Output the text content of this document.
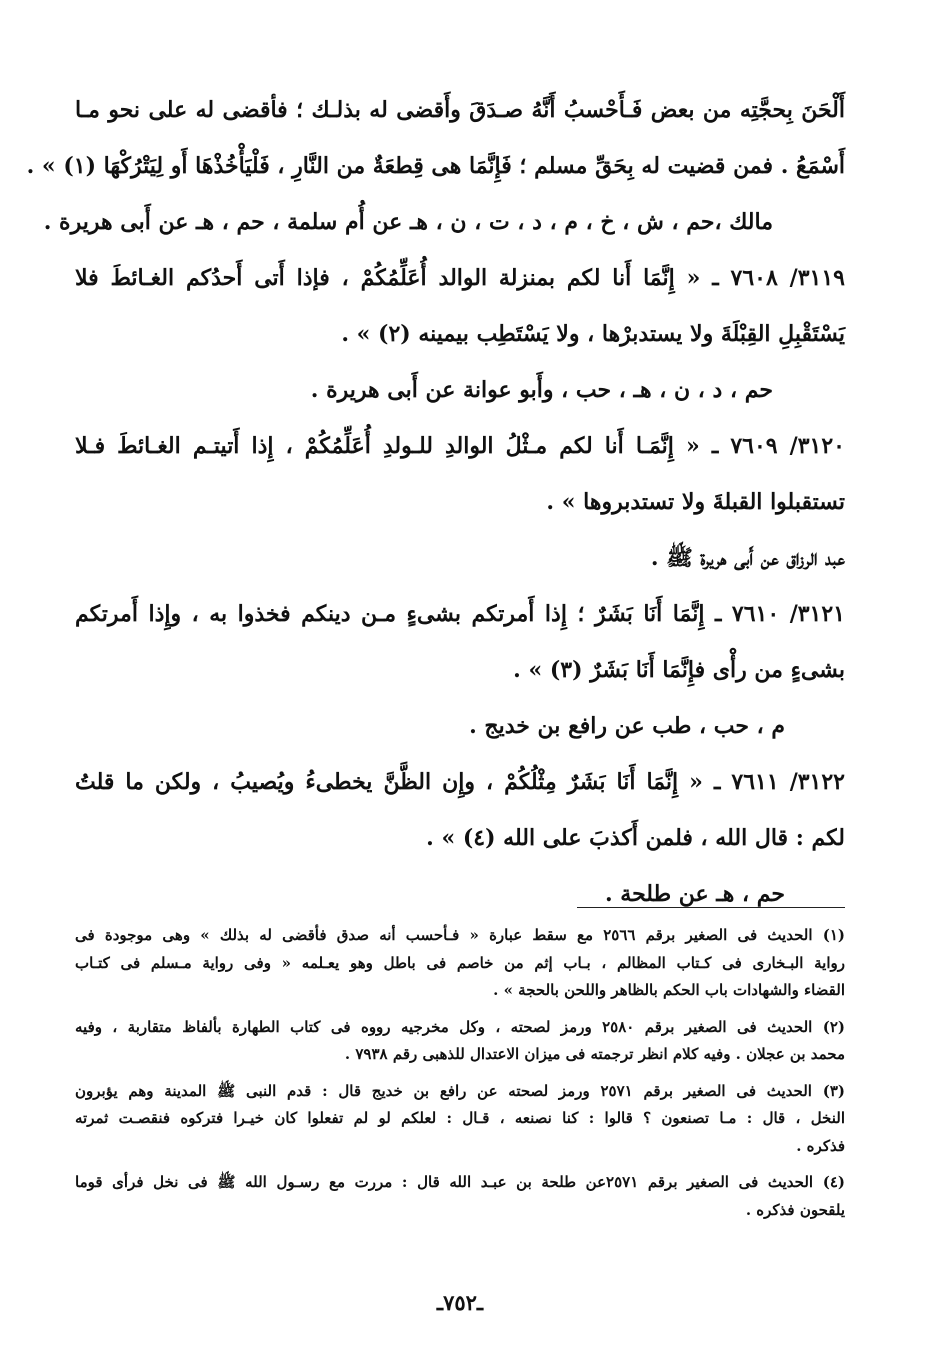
أَلْحَنَ بِحجَّتِه من بعض فَـأَحْسبُ أَنَّهُ صـدَقَ وأَقضى له بذلـك ؛ فأقضى له على نحو مـا
أَسْمَعُ . فمن قضيت له بِحَقِّ مسلم ؛ فَإِنَّمَا هى قِطعَةٌ من النَّارِ ، فَلْيَأْخُذْهَا أَو لِيَتْرُكْهَا (١) » .
مالك ،حم ، ش ، خ ، م ، د ، ت ، ن ، هـ عن أُم سلمة ، حم ، هـ عن أَبى هريرة .
٣١١٩/ ٧٦٠٨ ـ « إِنَّمَا أَنا لكم بمنزلة الوالد أُعَلِّمُكُمْ ، فإذا أَتى أَحدُكم الغـائطَ فلا
يَسْتَقْبِلِ القِبْلَةَ ولا يستدبرْها ، ولا يَسْتَطِب بيمينه (٢) » .
حم ، د ، ن ، هـ ، حب ، وأَبو عوانة عن أَبى هريرة .
٣١٢٠/ ٧٦٠٩ ـ « إِنَّمَـا أَنا لكم مـثْلُ الوالدِ للـولدِ أُعَلِّمُكُمْ ، إِذا أَتيتـم الغـائطَ فـلا
تستقبلوا القبلةَ ولا تستدبروها » .
عبد الرزاق عن أَبى هريرة ﷺ .
٣١٢١/ ٧٦١٠ ـ إِنَّمَا أَنَا بَشَرٌ ؛ إِذا أَمرتكم بشىءٍ مـن دينكم فخذوا به ، وإِذا أَمرتكم
بشىءٍ من رأْى فإِنَّمَا أَنَا بَشَرٌ (٣) » .
م ، حب ، طب عن رافع بن خديج .
٣١٢٢/ ٧٦١١ ـ « إِنَّمَا أَنَا بَشَرٌ مِثْلُكُمْ ، وإِن الظَّنَّ يخطىءُ ويُصيبُ ، ولكن ما قلتُ
لكم : قال الله ، فلمن أَكذبَ على الله (٤) » .
حم ، هـ عن طلحة .
(١) الحديث فى الصغير برقم ٢٥٦٦ مع سقط عبارة « فـأحسب أنه صدق فأقضى له بذلك » وهى موجودة فى
رواية البـخارى فى كـتاب المظالم ، بـاب إثم من خاصم فى باطل وهو يعـلمه « وفى رواية مـسلم فى كتـاب
القضاء والشهادات باب الحكم بالظاهر واللحن بالحجة » .
(٢) الحديث فى الصغير برقم ٢٥٨٠ ورمز لصحته ، وكل مخرجيه رووه فى كتاب الطهارة بألفاظ متقاربة ، وفيه
محمد بن عجلان . وفيه كلام انظر ترجمته فى ميزان الاعتدال للذهبى رقم ٧٩٣٨ .
(٣) الحديث فى الصغير برقم ٢٥٧١ ورمز لصحته عن رافع بن خديج قال : قدم النبى ﷺ المدينة وهم يؤبرون
النخل ، قال : مـا تصنعون ؟ قالوا : كنا نصنعه ، قـال : لعلكم لو لم تفعلوا كان خيـرا فتركوه فنقصـت ثمرته
فذكره .
(٤) الحديث فى الصغير برقم ٢٥٧١عن طلحة بن عبـد الله قال : مررت مع رسـول الله ﷺ فى نخل فرأى قوما
يلقحون فذكره .
ـ٧٥٢ـ
